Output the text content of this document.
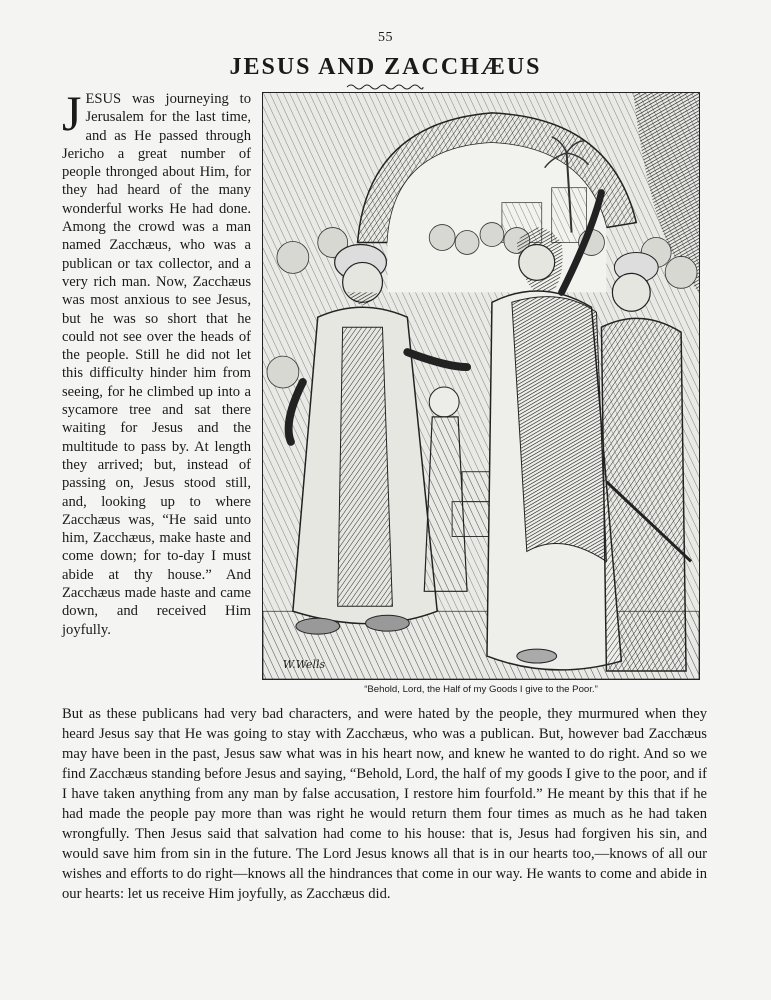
55
JESUS AND ZACCHÆUS
JESUS was journeying to Jerusalem for the last time, and as He passed through Jericho a great number of people thronged about Him, for they had heard of the many wonderful works He had done. Among the crowd was a man named Zacchæus, who was a publican or tax collector, and a very rich man. Now, Zacchæus was most anxious to see Jesus, but he was so short that he could not see over the heads of the people. Still he did not let this difficulty hinder him from seeing, for he climbed up into a sycamore tree and sat there waiting for Jesus and the multitude to pass by. At length they arrived; but, instead of passing on, Jesus stood still, and, looking up to where Zacchæus was, “He said unto him, Zacchæus, make haste and come down; for to-day I must abide at thy house.” And Zacchæus made haste and came down, and received Him joyfully.
W.Wells
“Behold, Lord, the Half of my Goods I give to the Poor.”
But as these publicans had very bad characters, and were hated by the people, they murmured when they heard Jesus say that He was going to stay with Zacchæus, who was a publican. But, however bad Zacchæus may have been in the past, Jesus saw what was in his heart now, and knew he wanted to do right. And so we find Zacchæus standing before Jesus and saying, “Behold, Lord, the half of my goods I give to the poor, and if I have taken anything from any man by false accusation, I restore him fourfold.” He meant by this that if he had made the people pay more than was right he would return them four times as much as he had taken wrongfully. Then Jesus said that salvation had come to his house: that is, Jesus had forgiven his sin, and would save him from sin in the future. The Lord Jesus knows all that is in our hearts too,—knows of all our wishes and efforts to do right—knows all the hindrances that come in our way. He wants to come and abide in our hearts: let us receive Him joyfully, as Zacchæus did.
